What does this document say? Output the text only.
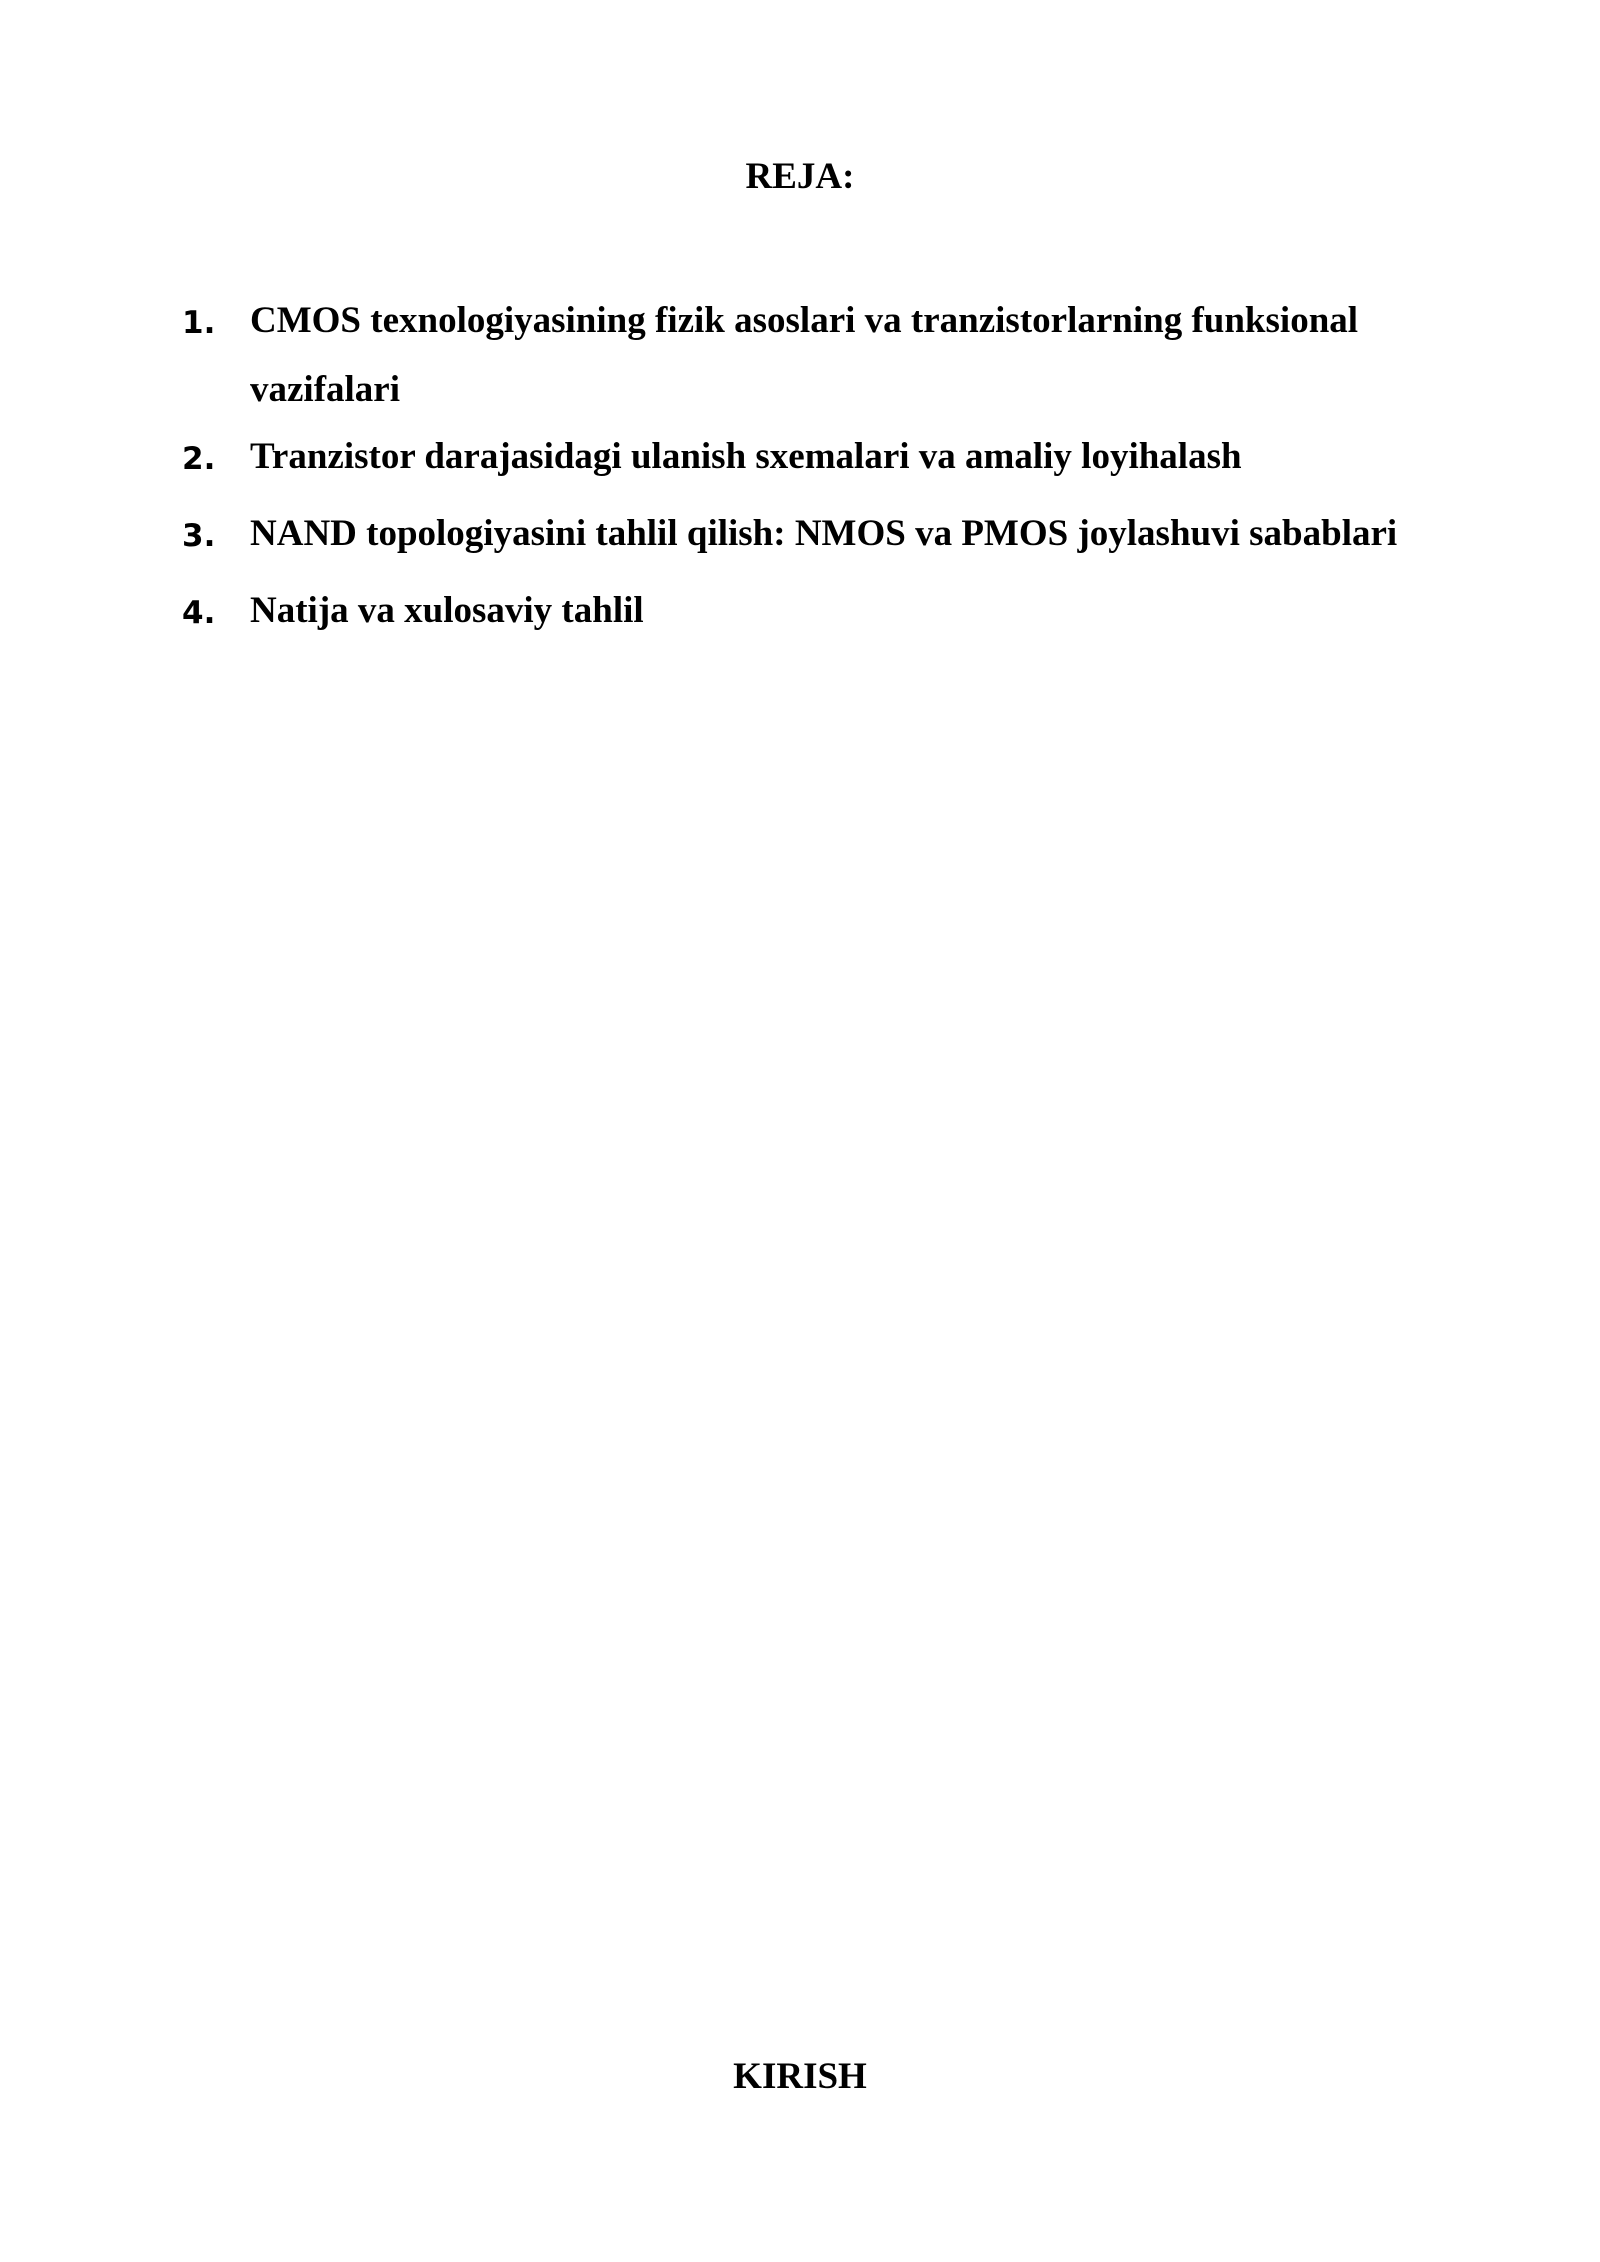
REJA:
1. CMOS texnologiyasining fizik asoslari va tranzistorlarning funksional vazifalari
2. Tranzistor darajasidagi ulanish sxemalari va amaliy loyihalash
3. NAND topologiyasini tahlil qilish: NMOS va PMOS joylashuvi sabablari
4. Natija va xulosaviy tahlil
KIRISH
